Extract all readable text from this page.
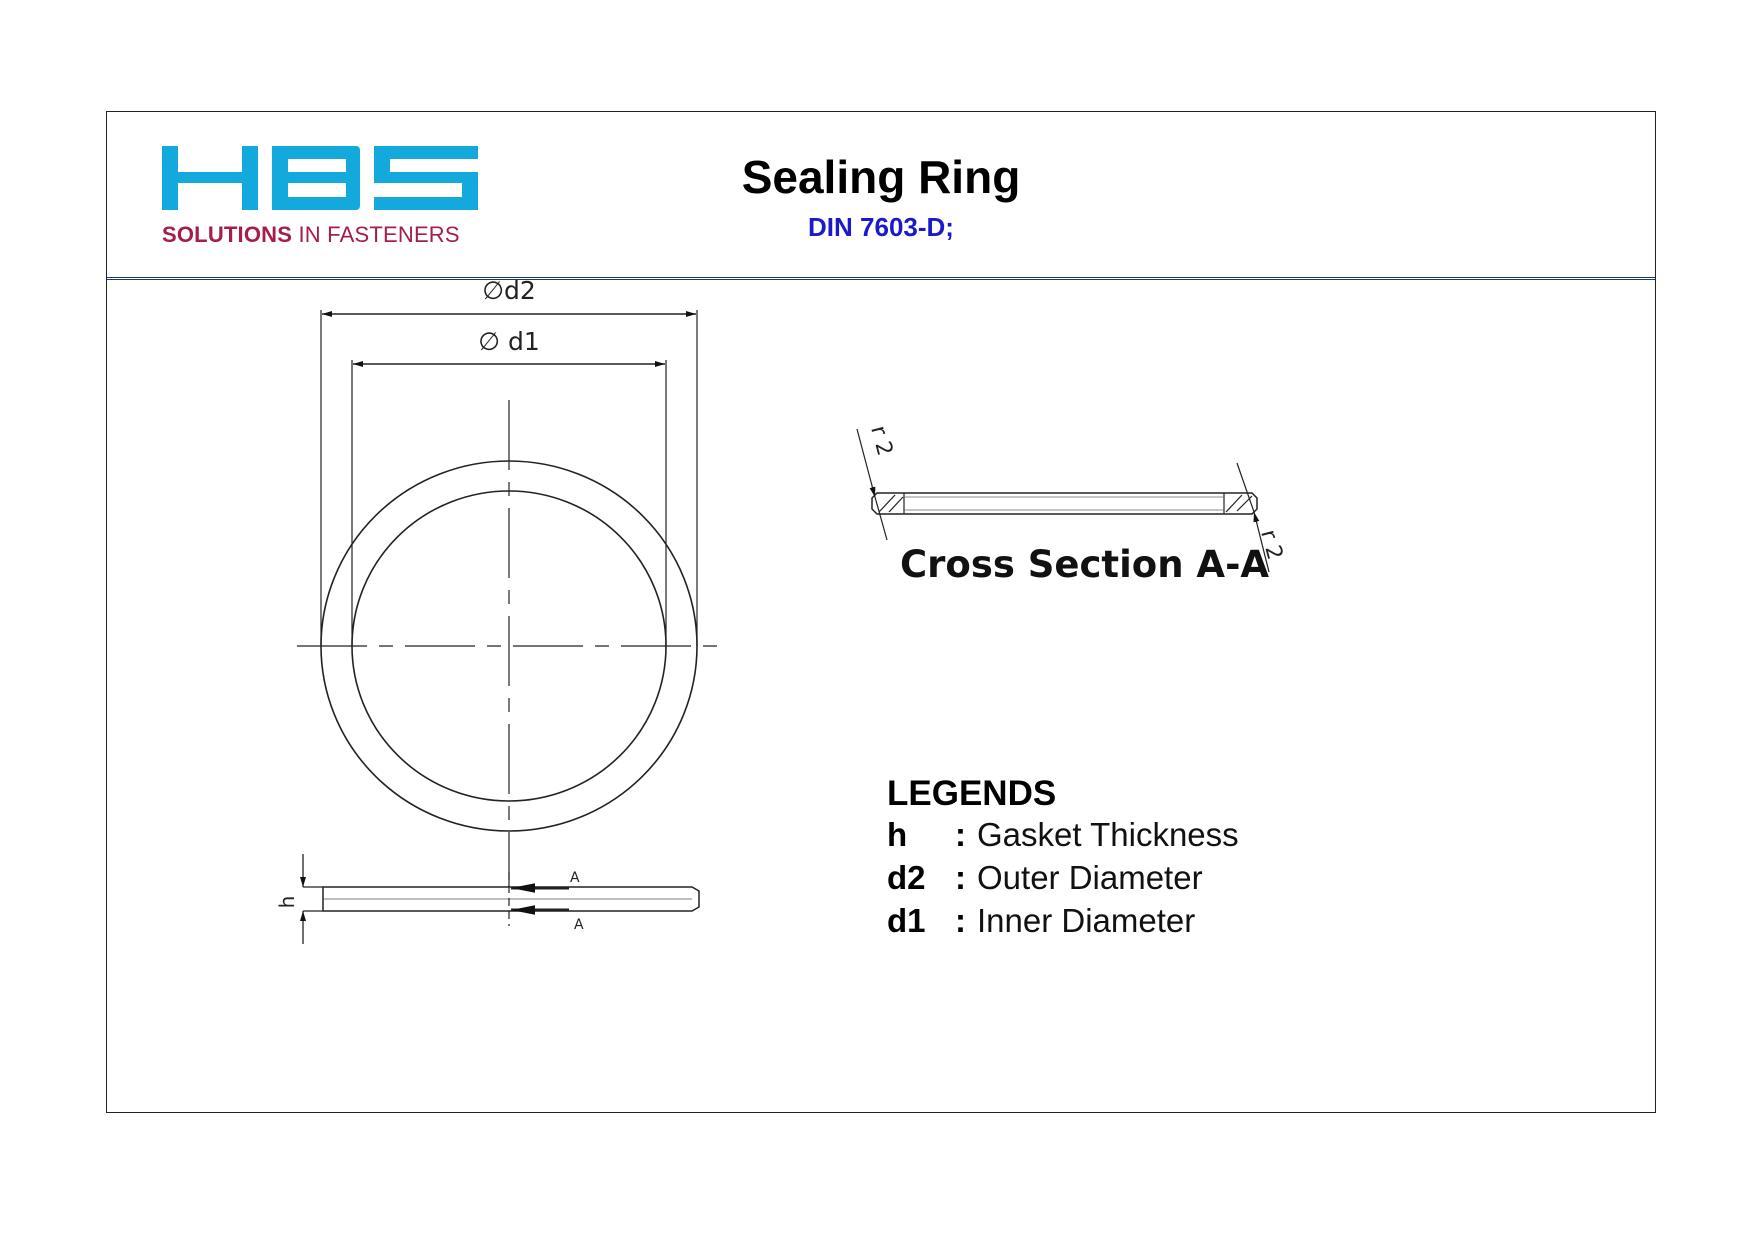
SOLUTIONS IN FASTENERS
Sealing Ring
DIN 7603-D;
∅d2
∅ d1
h
A
A
r 2
r 2
Cross Section A-A
LEGENDS
h	: Gasket Thickness
d2 : Outer Diameter
d1 : Inner Diameter
